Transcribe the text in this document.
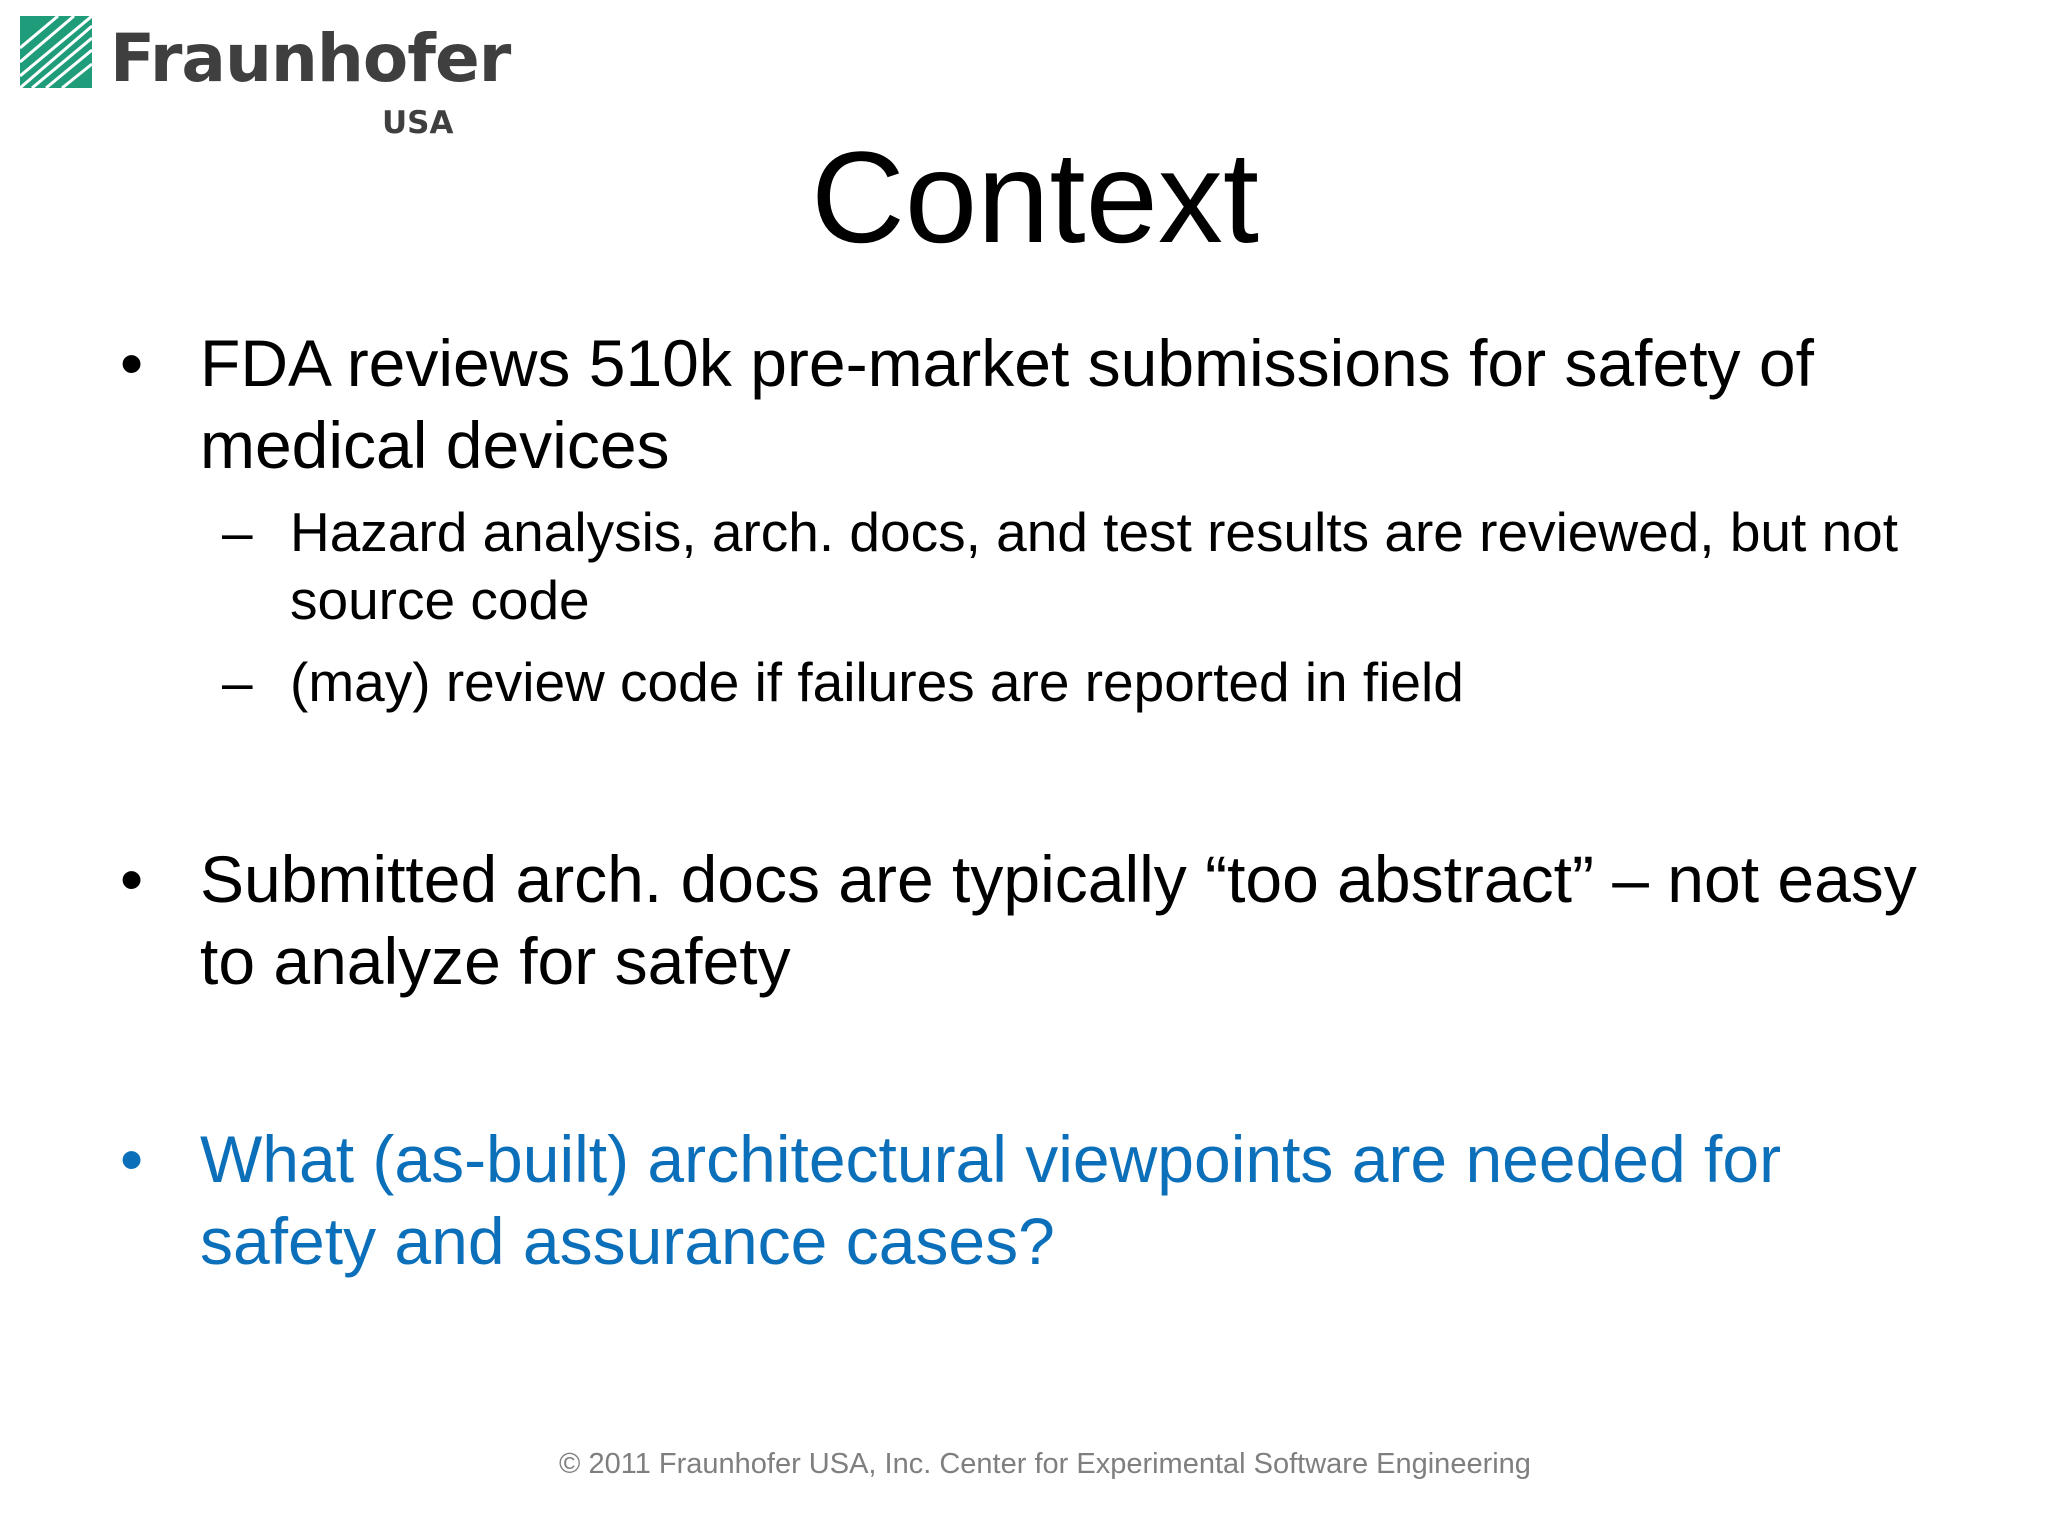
Fraunhofer
USA
Context
• FDA reviews 510k pre-market submissions for safety of medical devices
– Hazard analysis, arch. docs, and test results are reviewed, but not source code
– (may) review code if failures are reported in field
• Submitted arch. docs are typically “too abstract” – not easy to analyze for safety
• What (as-built) architectural viewpoints are needed for safety and assurance cases?
© 2011 Fraunhofer USA, Inc. Center for Experimental Software Engineering
